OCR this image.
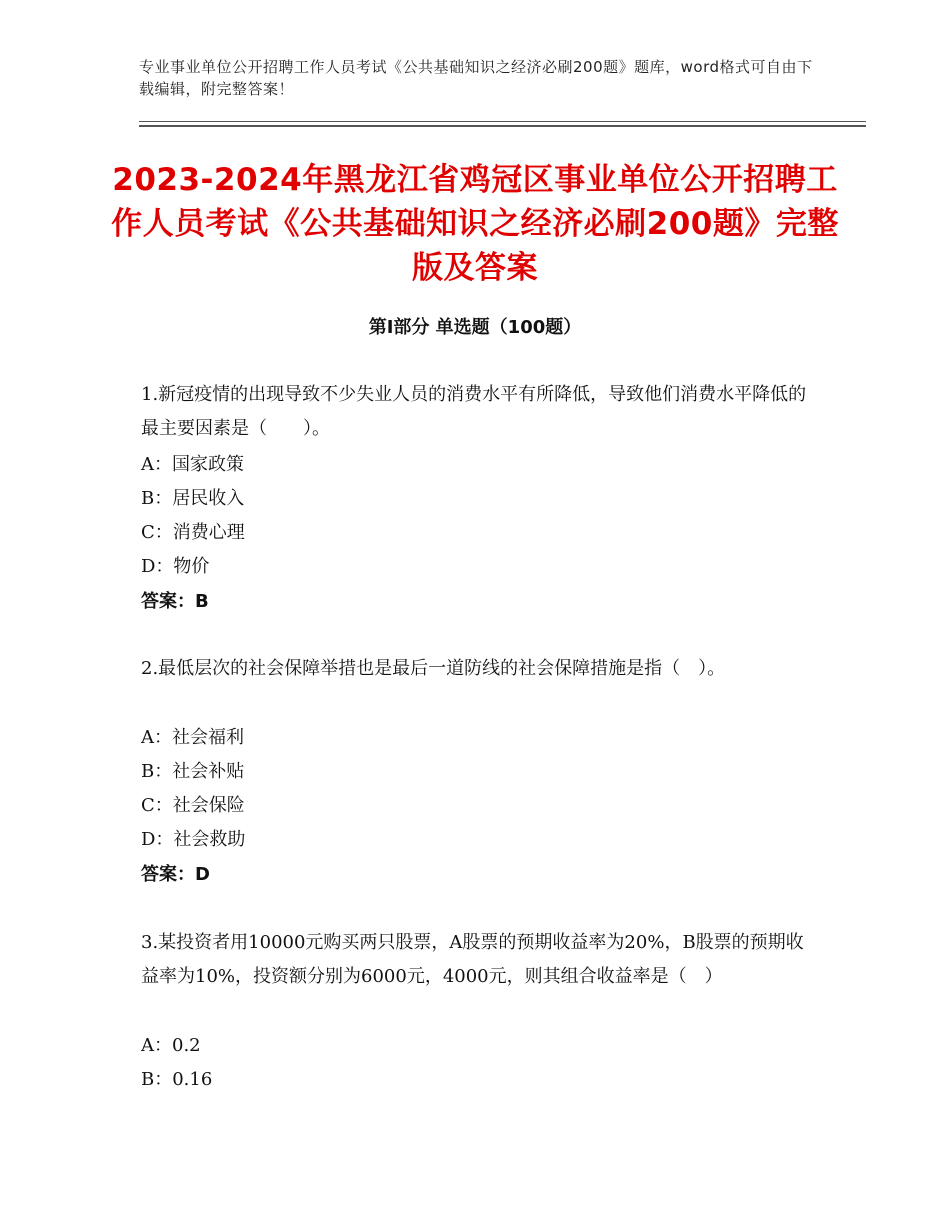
专业事业单位公开招聘工作人员考试《公共基础知识之经济必刷200题》题库，word格式可自由下载编辑，附完整答案！
2023-2024年黑龙江省鸡冠区事业单位公开招聘工作人员考试《公共基础知识之经济必刷200题》完整版及答案
第Ⅰ部分 单选题（100题）
1.新冠疫情的出现导致不少失业人员的消费水平有所降低，导致他们消费水平降低的最主要因素是（　　）。
A：国家政策
B：居民收入
C：消费心理
D：物价
答案：B
2.最低层次的社会保障举措也是最后一道防线的社会保障措施是指（　）。
A：社会福利
B：社会补贴
C：社会保险
D：社会救助
答案：D
3.某投资者用10000元购买两只股票，A股票的预期收益率为20%，B股票的预期收益率为10%，投资额分别为6000元，4000元，则其组合收益率是（　）
A：0.2
B：0.16
